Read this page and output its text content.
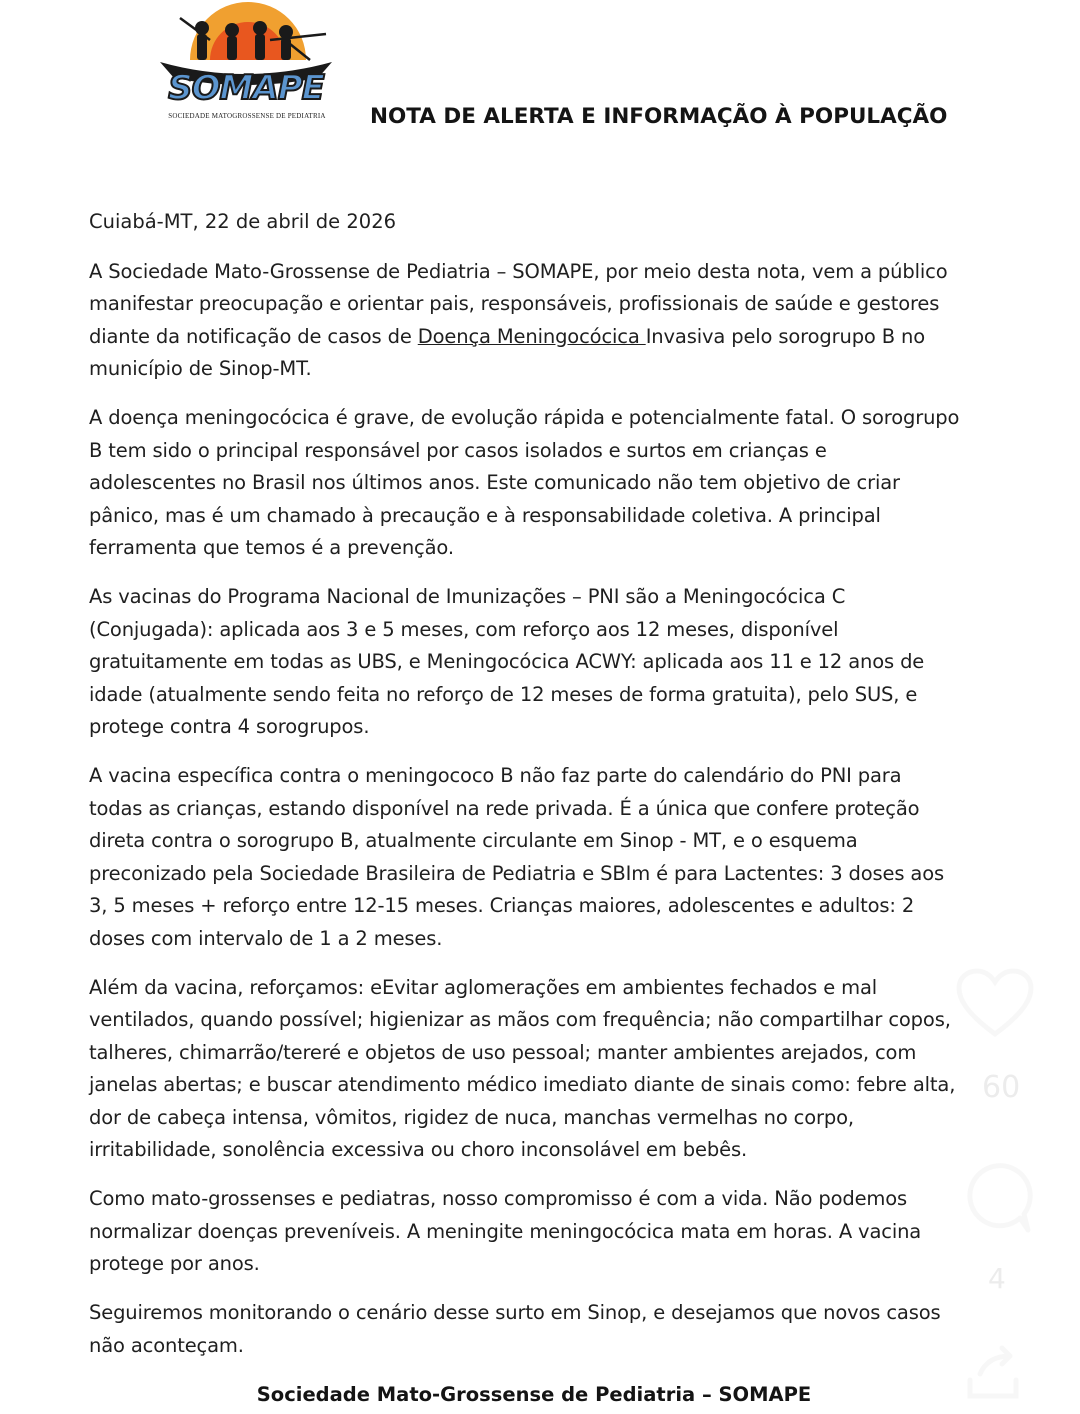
SOMAPE
SOCIEDADE MATOGROSSENSE DE PEDIATRIA	NOTA DE ALERTA E INFORMAÇÃO À POPULAÇÃO

Cuiabá-MT, 22 de abril de 2026

A Sociedade Mato-Grossense de Pediatria – SOMAPE, por meio desta nota, vem a público
manifestar preocupação e orientar pais, responsáveis, profissionais de saúde e gestores
diante da notificação de casos de Doença Meningocócica Invasiva pelo sorogrupo B no
município de Sinop-MT.

A doença meningocócica é grave, de evolução rápida e potencialmente fatal. O sorogrupo
B tem sido o principal responsável por casos isolados e surtos em crianças e
adolescentes no Brasil nos últimos anos. Este comunicado não tem objetivo de criar
pânico, mas é um chamado à precaução e à responsabilidade coletiva. A principal
ferramenta que temos é a prevenção.

As vacinas do Programa Nacional de Imunizações – PNI são a Meningocócica C
(Conjugada): aplicada aos 3 e 5 meses, com reforço aos 12 meses, disponível
gratuitamente em todas as UBS, e Meningocócica ACWY: aplicada aos 11 e 12 anos de
idade (atualmente sendo feita no reforço de 12 meses de forma gratuita), pelo SUS, e
protege contra 4 sorogrupos.

A vacina específica contra o meningococo B não faz parte do calendário do PNI para
todas as crianças, estando disponível na rede privada. É a única que confere proteção
direta contra o sorogrupo B, atualmente circulante em Sinop - MT, e o esquema
preconizado pela Sociedade Brasileira de Pediatria e SBIm é para Lactentes: 3 doses aos
3, 5 meses + reforço entre 12-15 meses. Crianças maiores, adolescentes e adultos: 2
doses com intervalo de 1 a 2 meses.

Além da vacina, reforçamos: eEvitar aglomerações em ambientes fechados e mal
ventilados, quando possível; higienizar as mãos com frequência; não compartilhar copos,
talheres, chimarrão/tereré e objetos de uso pessoal; manter ambientes arejados, com
janelas abertas; e buscar atendimento médico imediato diante de sinais como: febre alta,
dor de cabeça intensa, vômitos, rigidez de nuca, manchas vermelhas no corpo,
irritabilidade, sonolência excessiva ou choro inconsolável em bebês.

Como mato-grossenses e pediatras, nosso compromisso é com a vida. Não podemos
normalizar doenças preveníveis. A meningite meningocócica mata em horas. A vacina
protege por anos.

Seguiremos monitorando o cenário desse surto em Sinop, e desejamos que novos casos
não aconteçam.

Sociedade Mato-Grossense de Pediatria – SOMAPE
60
4
